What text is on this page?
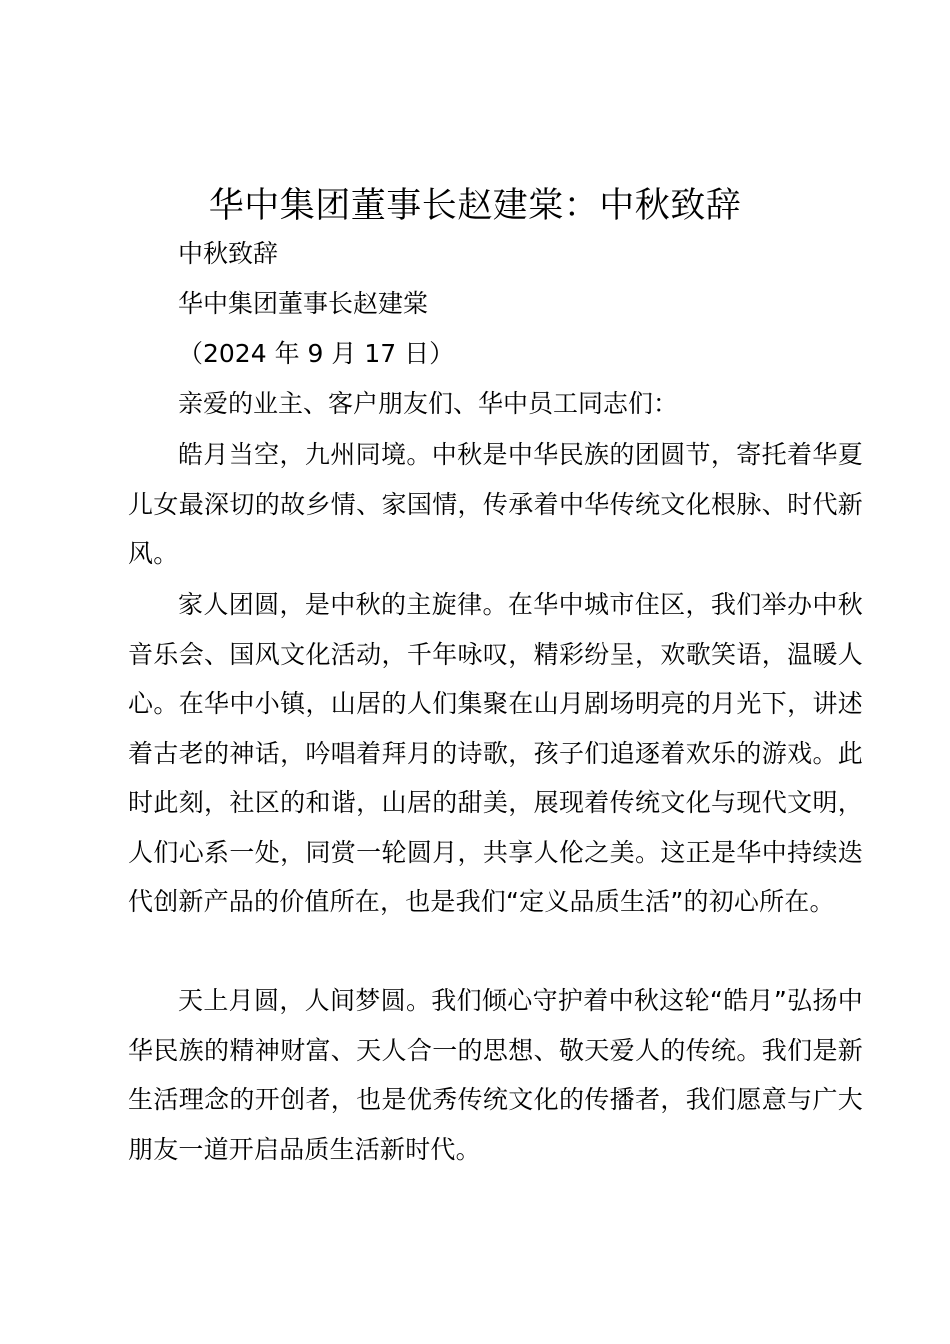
华中集团董事长赵建棠：中秋致辞

中秋致辞

华中集团董事长赵建棠

（2024 年 9 月 17 日）

亲爱的业主、客户朋友们、华中员工同志们：

皓月当空，九州同境。中秋是中华民族的团圆节，寄托着华夏儿女最深切的故乡情、家国情，传承着中华传统文化根脉、时代新风。

家人团圆，是中秋的主旋律。在华中城市住区，我们举办中秋音乐会、国风文化活动，千年咏叹，精彩纷呈，欢歌笑语，温暖人心。在华中小镇，山居的人们集聚在山月剧场明亮的月光下，讲述着古老的神话，吟唱着拜月的诗歌，孩子们追逐着欢乐的游戏。此时此刻，社区的和谐，山居的甜美，展现着传统文化与现代文明，人们心系一处，同赏一轮圆月，共享人伦之美。这正是华中持续迭代创新产品的价值所在，也是我们“定义品质生活”的初心所在。

天上月圆，人间梦圆。我们倾心守护着中秋这轮“皓月”弘扬中华民族的精神财富、天人合一的思想、敬天爱人的传统。我们是新生活理念的开创者，也是优秀传统文化的传播者，我们愿意与广大朋友一道开启品质生活新时代。
